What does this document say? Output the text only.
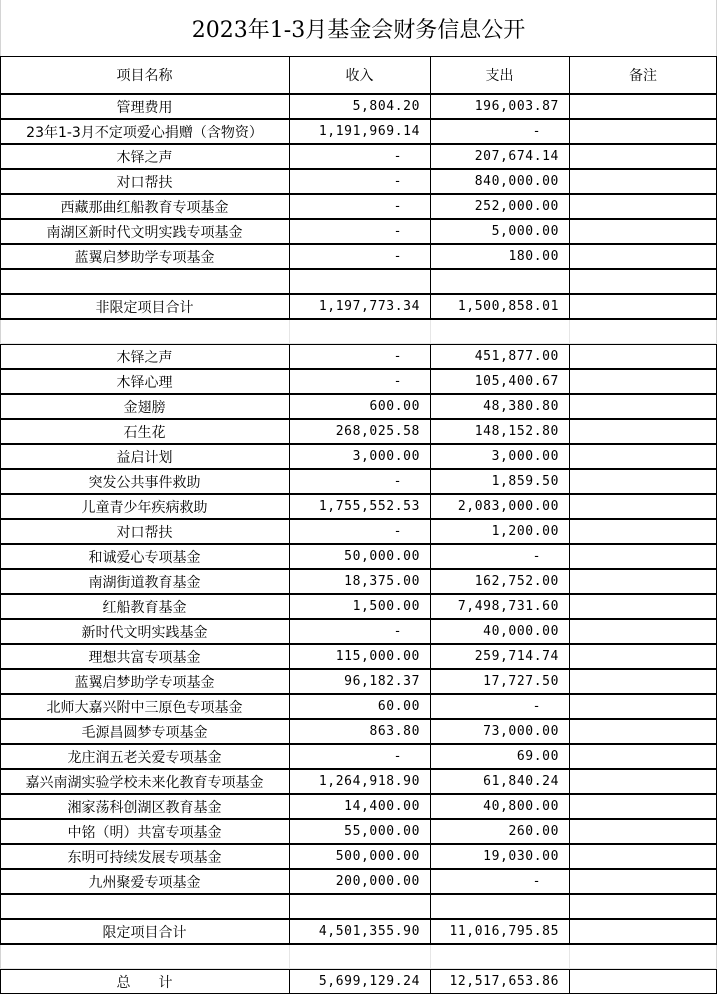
2023年1-3月基金会财务信息公开
项目名称	收入	支出	备注
管理费用	5,804.20	196,003.87
23年1-3月不定项爱心捐赠（含物资）	1,191,969.14	-
木铎之声	-	207,674.14
对口帮扶	-	840,000.00
西藏那曲红船教育专项基金	-	252,000.00
南湖区新时代文明实践专项基金	-	5,000.00
蓝翼启梦助学专项基金	-	180.00
非限定项目合计	1,197,773.34	1,500,858.01
木铎之声	-	451,877.00
木铎心理	-	105,400.67
金翅膀	600.00	48,380.80
石生花	268,025.58	148,152.80
益启计划	3,000.00	3,000.00
突发公共事件救助	-	1,859.50
儿童青少年疾病救助	1,755,552.53	2,083,000.00
对口帮扶	-	1,200.00
和诚爱心专项基金	50,000.00	-
南湖街道教育基金	18,375.00	162,752.00
红船教育基金	1,500.00	7,498,731.60
新时代文明实践基金	-	40,000.00
理想共富专项基金	115,000.00	259,714.74
蓝翼启梦助学专项基金	96,182.37	17,727.50
北师大嘉兴附中三原色专项基金	60.00	-
毛源昌圆梦专项基金	863.80	73,000.00
龙庄润五老关爱专项基金	-	69.00
嘉兴南湖实验学校未来化教育专项基金	1,264,918.90	61,840.24
湘家荡科创湖区教育基金	14,400.00	40,800.00
中铭（明）共富专项基金	55,000.00	260.00
东明可持续发展专项基金	500,000.00	19,030.00
九州聚爱专项基金	200,000.00	-
限定项目合计	4,501,355.90	11,016,795.85
总　　计	5,699,129.24	12,517,653.86
